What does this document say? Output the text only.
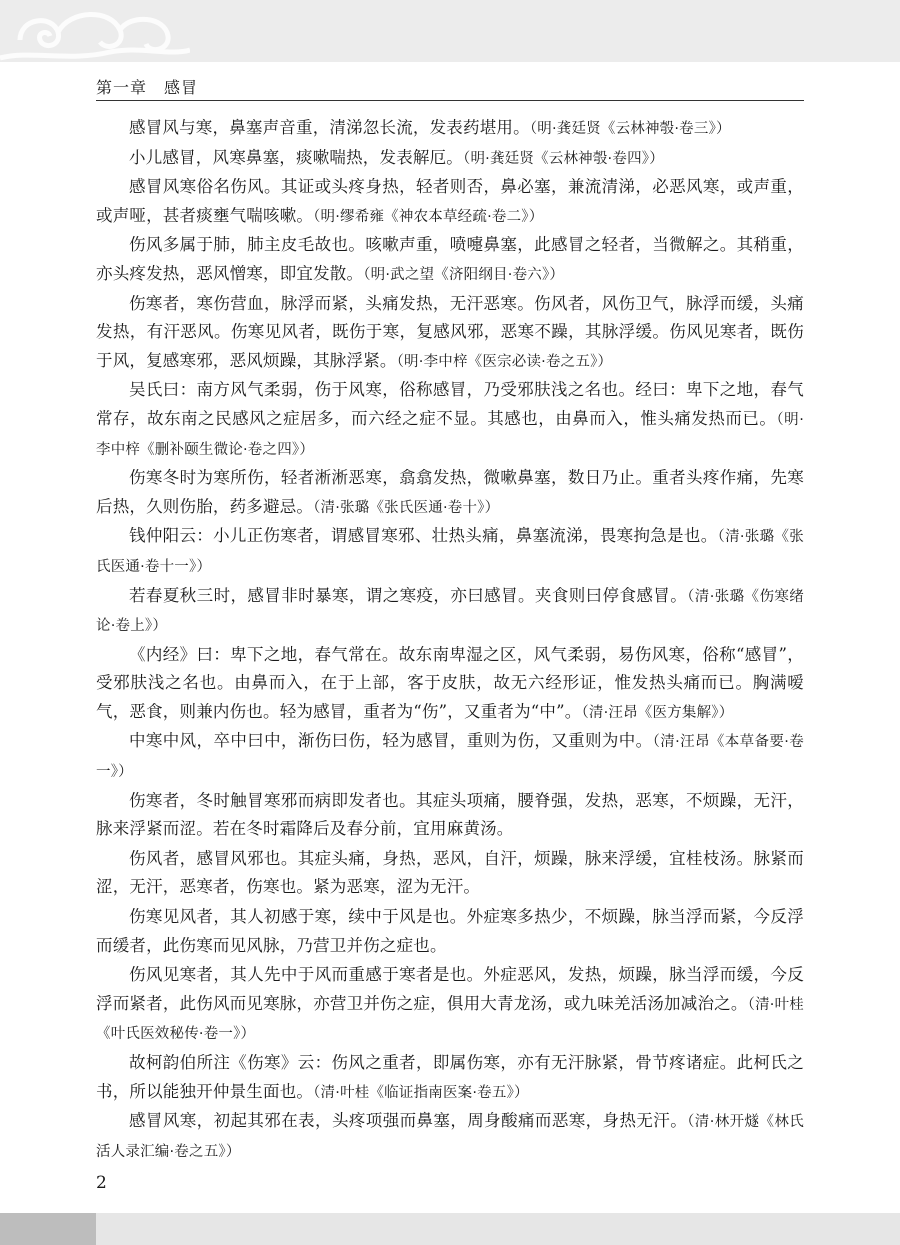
第一章　感冒

感冒风与寒，鼻塞声音重，清涕忽长流，发表药堪用。（明·龚廷贤《云林神彀·卷三》）

小儿感冒，风寒鼻塞，痰嗽喘热，发表解厄。（明·龚廷贤《云林神彀·卷四》）

感冒风寒俗名伤风。其证或头疼身热，轻者则否，鼻必塞，兼流清涕，必恶风寒，或声重，或声哑，甚者痰壅气喘咳嗽。（明·缪希雍《神农本草经疏·卷二》）

伤风多属于肺，肺主皮毛故也。咳嗽声重，喷嚏鼻塞，此感冒之轻者，当微解之。其稍重，亦头疼发热，恶风憎寒，即宜发散。（明·武之望《济阳纲目·卷六》）

伤寒者，寒伤营血，脉浮而紧，头痛发热，无汗恶寒。伤风者，风伤卫气，脉浮而缓，头痛发热，有汗恶风。伤寒见风者，既伤于寒，复感风邪，恶寒不躁，其脉浮缓。伤风见寒者，既伤于风，复感寒邪，恶风烦躁，其脉浮紧。（明·李中梓《医宗必读·卷之五》）

吴氏曰：南方风气柔弱，伤于风寒，俗称感冒，乃受邪肤浅之名也。经曰：卑下之地，春气常存，故东南之民感风之症居多，而六经之症不显。其感也，由鼻而入，惟头痛发热而已。（明·李中梓《删补颐生微论·卷之四》）

伤寒冬时为寒所伤，轻者淅淅恶寒，翕翕发热，微嗽鼻塞，数日乃止。重者头疼作痛，先寒后热，久则伤胎，药多避忌。（清·张璐《张氏医通·卷十》）

钱仲阳云：小儿正伤寒者，谓感冒寒邪、壮热头痛，鼻塞流涕，畏寒拘急是也。（清·张璐《张氏医通·卷十一》）

若春夏秋三时，感冒非时暴寒，谓之寒疫，亦曰感冒。夹食则曰停食感冒。（清·张璐《伤寒绪论·卷上》）

《内经》曰：卑下之地，春气常在。故东南卑湿之区，风气柔弱，易伤风寒，俗称“感冒”，受邪肤浅之名也。由鼻而入，在于上部，客于皮肤，故无六经形证，惟发热头痛而已。胸满嗳气，恶食，则兼内伤也。轻为感冒，重者为“伤”，又重者为“中”。（清·汪昂《医方集解》）

中寒中风，卒中曰中，渐伤曰伤，轻为感冒，重则为伤，又重则为中。（清·汪昂《本草备要·卷一》）

伤寒者，冬时触冒寒邪而病即发者也。其症头项痛，腰脊强，发热，恶寒，不烦躁，无汗，脉来浮紧而涩。若在冬时霜降后及春分前，宜用麻黄汤。

伤风者，感冒风邪也。其症头痛，身热，恶风，自汗，烦躁，脉来浮缓，宜桂枝汤。脉紧而涩，无汗，恶寒者，伤寒也。紧为恶寒，涩为无汗。

伤寒见风者，其人初感于寒，续中于风是也。外症寒多热少，不烦躁，脉当浮而紧，今反浮而缓者，此伤寒而见风脉，乃营卫并伤之症也。

伤风见寒者，其人先中于风而重感于寒者是也。外症恶风，发热，烦躁，脉当浮而缓，今反浮而紧者，此伤风而见寒脉，亦营卫并伤之症，俱用大青龙汤，或九味羌活汤加减治之。（清·叶桂《叶氏医效秘传·卷一》）

故柯韵伯所注《伤寒》云：伤风之重者，即属伤寒，亦有无汗脉紧，骨节疼诸症。此柯氏之书，所以能独开仲景生面也。（清·叶桂《临证指南医案·卷五》）

感冒风寒，初起其邪在表，头疼项强而鼻塞，周身酸痛而恶寒，身热无汗。（清·林开燧《林氏活人录汇编·卷之五》）

2
